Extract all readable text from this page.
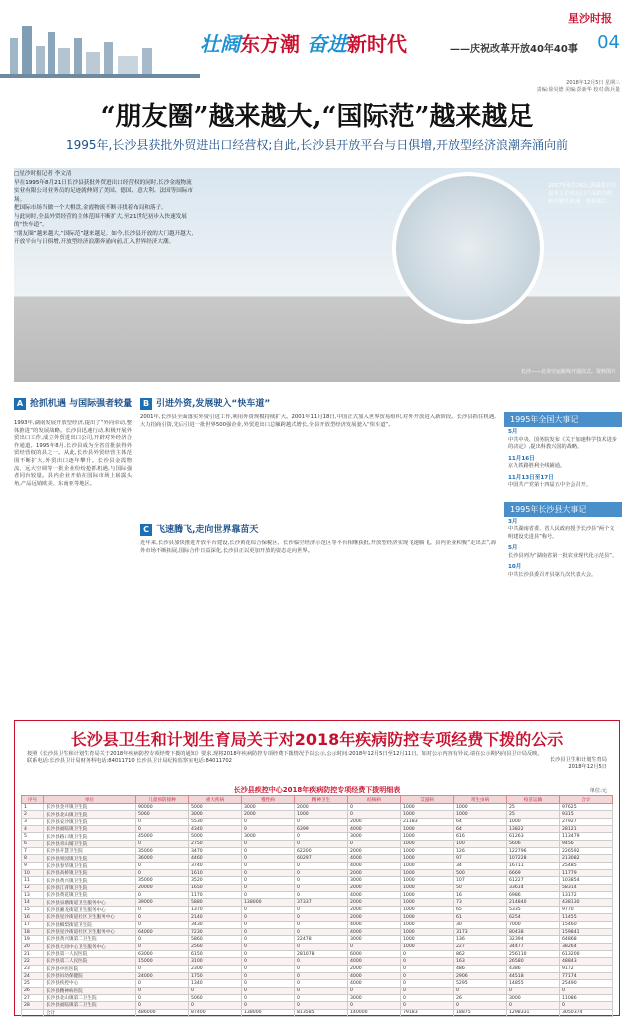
壮阔东方潮 奋进新时代	——庆祝改革开放40年40事
星沙时报
04
2018年12月5日 星期三
责编:徐昊德 美编:彭新华 校对:陈兵量
“朋友圈”越来越大,“国际范”越来越足
1995年,长沙县获批外贸进出口经营权;自此,长沙县开放平台与日俱增,开放型经济浪潮奔涌向前

□星沙时报记者 李文清

早在1995年8月21日长沙县获批外贸进出口经营权的同时,长沙金霞物流实业有限公司业务员的足迹就伸到了美国、德国、意大利、法国等国际市场。

把国际市场当做一个大棋盘,金霞物流不断寻找着布局和落子。

与此同时,全县外贸经营的主体范围不断扩大,至21世纪初步入快速发展的“快车道”。

“朋友圈”越来越大,“国际范”越来越足。如今,长沙县开放的大门越开越大,开放平台与日俱增,开放型经济浪潮奔涌向前,汇入世界经济大潮。

2017年6月26日,满载着长沙县本土企业出口产品的中欧班列驶往欧洲。资料图片
长沙——北美空运航线开通仪式。资料图片
A 抢抓机遇 与国际强者较量
1993年,湖南发展开放型经济,提出了“外向牵动,整体推进”的发展战略。长沙县迅速行动,积极开展外贸出口工作,成立外贸进出口公司,开辟对外经济合作通道。1995年8月,长沙县成为全省首批获得外贸经营权的县之一。从此,长沙县外贸经营主体范围不断扩大,外贸出口逐年攀升。长沙县金霞物流、远大空调等一批企业纷纷抢抓机遇,与国际强者同台较量。县内企业开始在国际市场上崭露头角,产品远销欧美、东南亚等地区。
B 引进外资,发展驶入“快车道”
2001年,长沙县全面落实外资引进工作,利用外资规模持续扩大。2001年11月18日,中国正式加入世界贸易组织,对外开放进入新阶段。长沙县抓住机遇,大力招商引资,先后引进一批世界500强企业,外贸进出口总额跨越式增长,全县开放型经济发展驶入“快车道”。
C 飞速腾飞,走向世界靠苗天
近年来,长沙县加快推进开放平台建设,长沙黄花综合保税区、长沙临空经济示范区等平台相继获批,开放型经济实现飞速腾飞。县内企业积极“走出去”,海外市场不断拓展,国际合作日益深化,长沙县正以更加开放的姿态走向世界。
1995年全国大事记
5月
中共中央、国务院发布《关于加速科学技术进步的决定》,提出科教兴国的战略。
11月16日
京九铁路胜利全线铺通。
11月13日至17日
中国共产党第十四届五中全会召开。
1995年长沙县大事记
3月
中共湖南省委、省人民政府授予长沙县“两个文明建设先进县”称号。
5月
长沙县列为“湖南省第一批农业现代化示范县”。
10月
中共长沙县委召开县第九次代表大会。
长沙县卫生和计划生育局关于对2018年疾病防控专项经费下拨的公示
按照《长沙县卫生和计划生育局关于2018年疾病防控专项经费下拨的通知》要求,现将2018年疾病防控专项经费下拨情况予以公示,公示时间:2018年12月5日至12月11日。如对公示内容有异议,请在公示期内向县卫计局反映。
联系电话:长沙县卫计局财务科电话:84011710 长沙县卫计局纪检监察室电话:84011702	长沙县卫生和计划生育局
2018年12月5日
长沙县疾控中心2018年疾病防控专项经费下拨明细表	单位:元
序号	单位	儿童预防接种	重大疾病	慢性病	精神卫生	结核病	艾滋病	寄生虫病	疫苗运输	合计
1	长沙县金井镇卫生院	90000	5000	3000	2000	0	1000	1000	25	97625
2	长沙县北山镇卫生院	5060	3000	2000	1000	0	1000	1000	25	9315
3	长沙县安沙镇卫生院	0	5530	0	0	2000	21183	64	1000	27927
4	长沙县福临镇卫生院	0	4340	0	6399	4000	1000	64	13822	28121
5	长沙县路口镇卫生院	45000	5000	3000	0	3000	1000	616	61263	113479
6	长沙县青山铺卫生院	0	2750	0	0	0	1000	100	5606	9456
7	长沙县开慧卫生院	35000	3470	0	62200	2000	1000	126	122796	226592
8	长沙县果园镇卫生院	36000	4460	0	60297	4000	1000	97	107228	213082
9	长沙县春华镇卫生院	0	3740	0	0	4000	1000	34	16711	25485
10	长沙县高桥镇卫生院	0	1610	0	0	2000	1000	500	6669	11779
11	长沙县黄兴镇卫生院	35000	3520	0	0	3000	1000	107	61227	103854
12	长沙县江背镇卫生院	20000	1650	0	0	2000	1000	50	33614	58314
13	长沙县黄花镇卫生院	0	1170	0	0	4000	1000	16	6986	13172
14	长沙县泉塘街道卫生服务中心	39000	5880	138000	37337	2000	1000	73	214840	438130
15	长沙县湘龙街道卫生服务中心	0	1370	0	0	2000	1000	65	5335	9770
16	长沙县星沙街道社区卫生服务中心	0	2140	0	0	2000	1000	61	6254	11455
17	长沙县榔梨街道卫生院	0	3430	0	0	4000	1000	30	7000	15460
18	长沙县星沙街道社区卫生服务中心	64000	7230	0	0	4000	1000	3173	80438	159841
19	长沙县黄兴镇第二卫生院	0	5860	0	22478	3000	1000	136	32394	64868
20	长沙县大同中心卫生服务中心	0	2560	0	0	0	1000	227	34477	38264
21	长沙县第一人民医院	63000	6150	0	281078	6000	0	862	256110	613200
22	长沙县第二人民医院	15000	3100	0	0	4000	0	163	26580	48843
23	长沙县中医医院	0	2300	0	0	2000	0	486	4386	9172
24	长沙县妇幼保健院	24000	1750	0	0	4000	0	2906	44518	77174
25	长沙县疾控中心	0	1340	0	0	4000	0	5295	14855	25490
26	长沙县精神病医院	0	0	0	0	0	0	0	0	0
27	长沙县北山镇第二卫生院	0	5060	0	0	3000	0	26	3000	11086
28	长沙县福临镇第二卫生院	0	0	0	0	0	0	0	0	0
	合计	486000	87400	138000	813585	140000	79183	18875	1298331	3050374
